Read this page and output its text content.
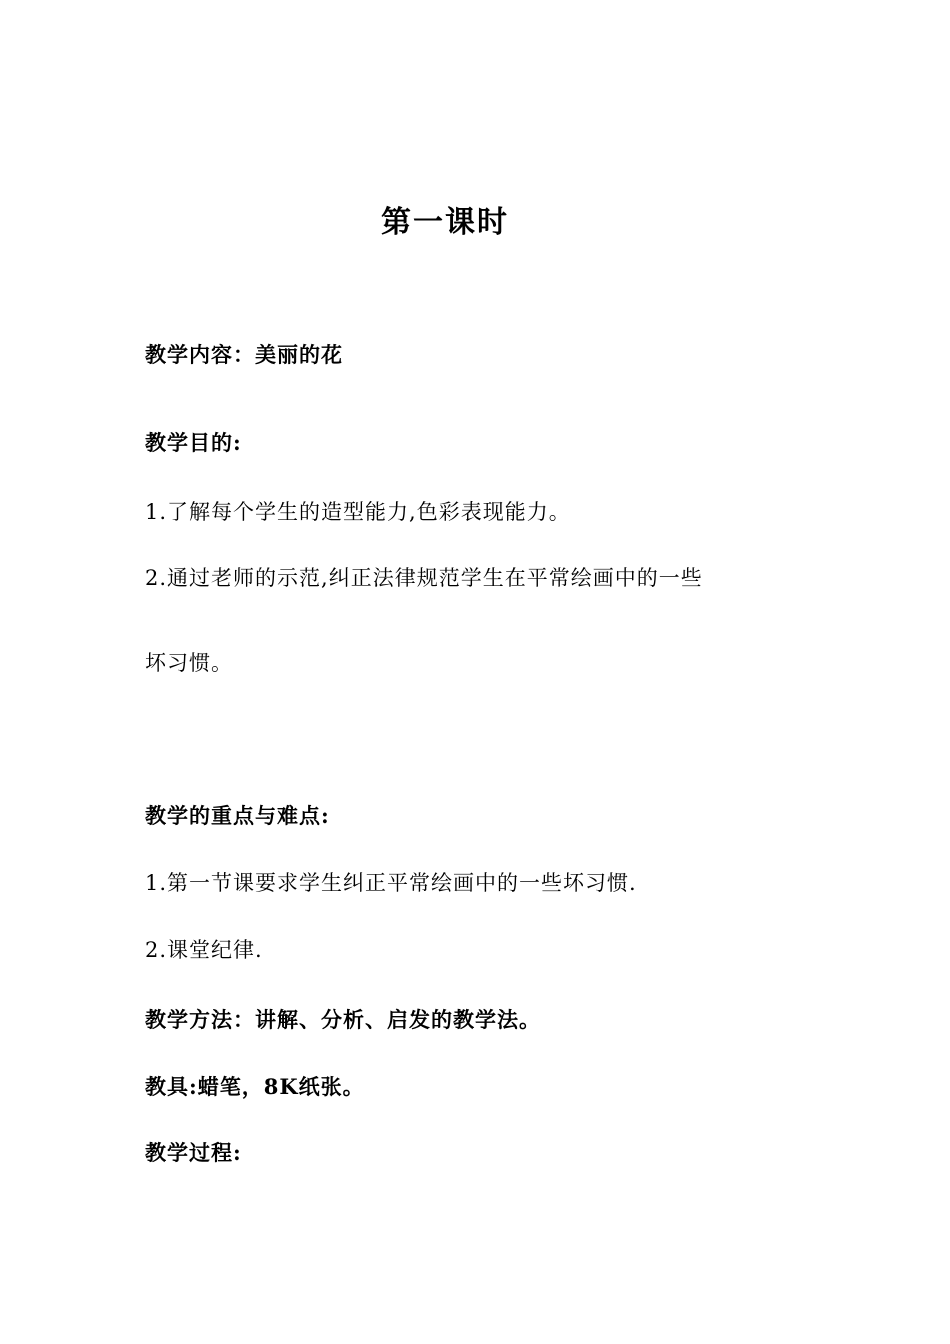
第一课时
教学内容：美丽的花
教学目的:
1.了解每个学生的造型能力,色彩表现能力。
2.通过老师的示范,纠正法律规范学生在平常绘画中的一些
坏习惯。
教学的重点与难点:
1.第一节课要求学生纠正平常绘画中的一些坏习惯.
2.课堂纪律.
教学方法：讲解、分析、启发的教学法。
教具:蜡笔，8K纸张。
教学过程:
